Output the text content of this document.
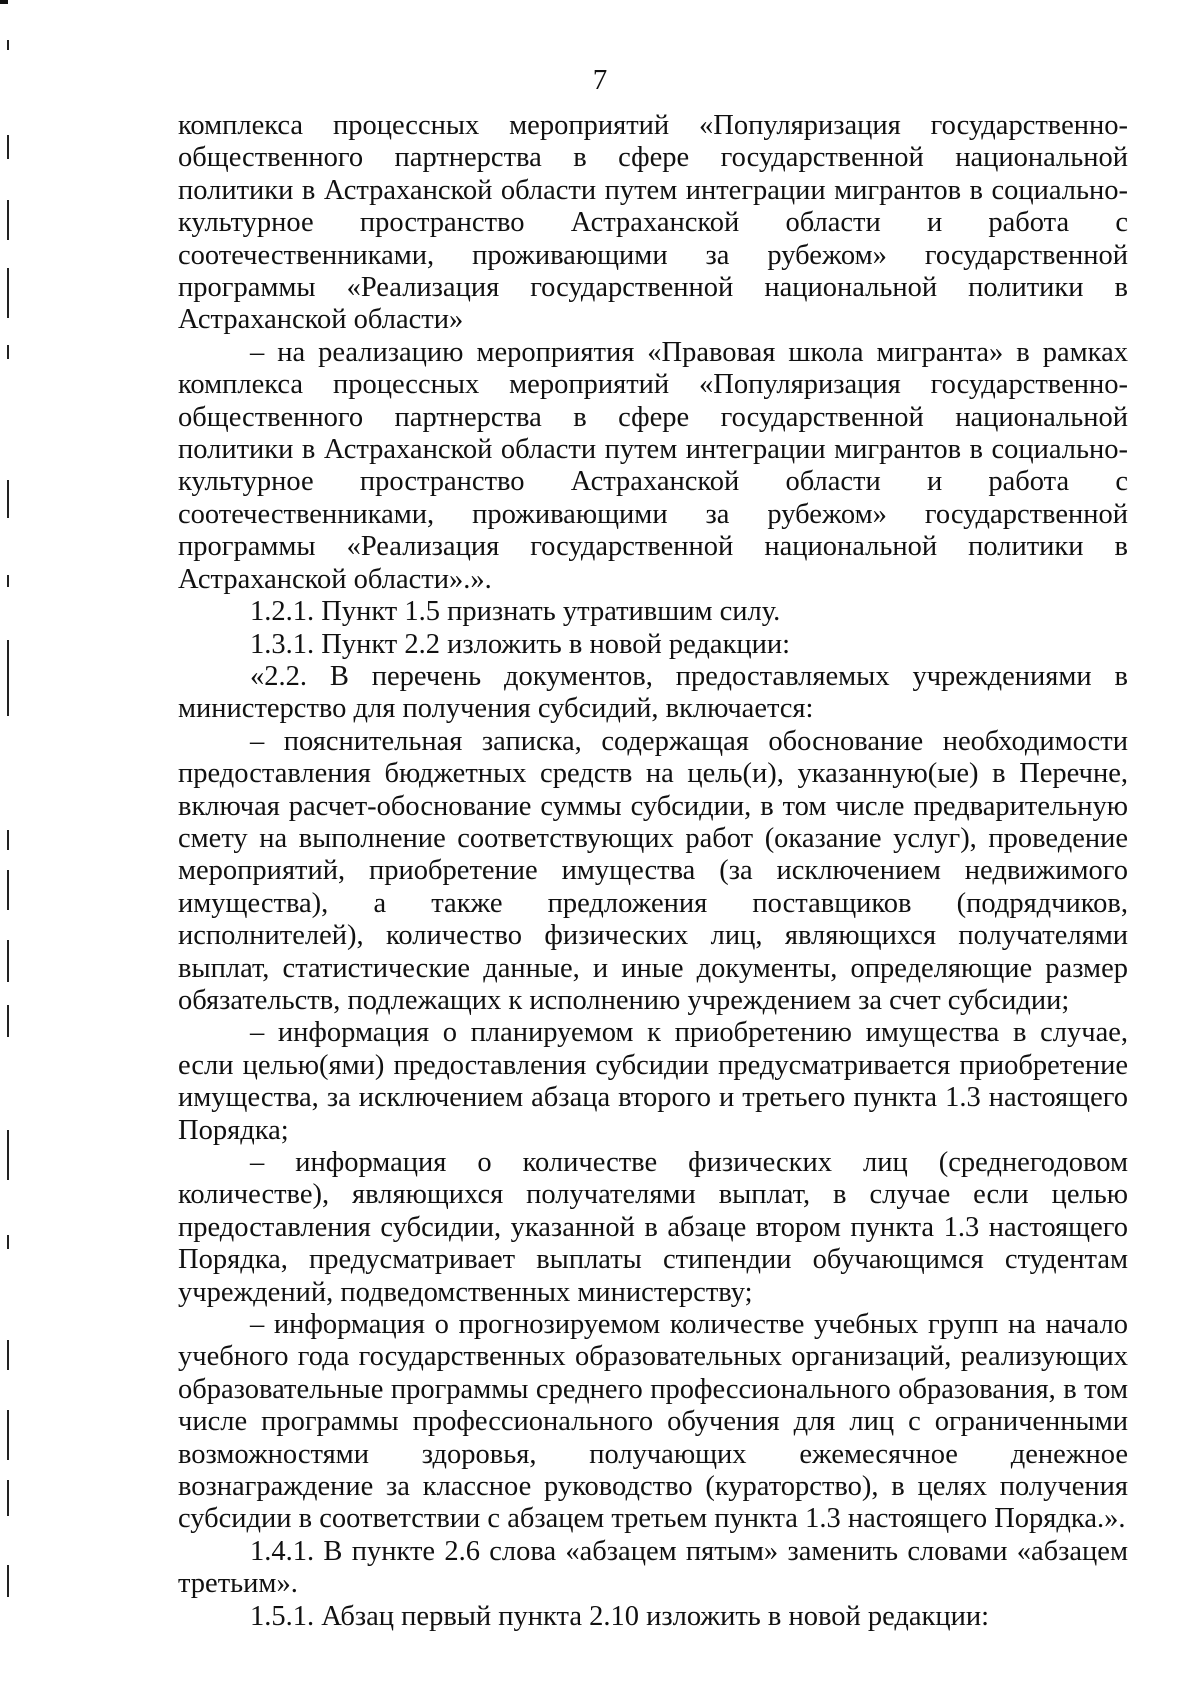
7

комплекса процессных мероприятий «Популяризация государственно-общественного партнерства в сфере государственной национальной политики в Астраханской области путем интеграции мигрантов в социально-культурное пространство Астраханской области и работа с соотечественниками, проживающими за рубежом» государственной программы «Реализация государственной национальной политики в Астраханской области»

– на реализацию мероприятия «Правовая школа мигранта» в рамках комплекса процессных мероприятий «Популяризация государственно-общественного партнерства в сфере государственной национальной политики в Астраханской области путем интеграции мигрантов в социально-культурное пространство Астраханской области и работа с соотечественниками, проживающими за рубежом» государственной программы «Реализация государственной национальной политики в Астраханской области».».

1.2.1. Пункт 1.5 признать утратившим силу.

1.3.1. Пункт 2.2 изложить в новой редакции:

«2.2. В перечень документов, предоставляемых учреждениями в министерство для получения субсидий, включается:

– пояснительная записка, содержащая обоснование необходимости предоставления бюджетных средств на цель(и), указанную(ые) в Перечне, включая расчет-обоснование суммы субсидии, в том числе предварительную смету на выполнение соответствующих работ (оказание услуг), проведение мероприятий, приобретение имущества (за исключением недвижимого имущества), а также предложения поставщиков (подрядчиков, исполнителей), количество физических лиц, являющихся получателями выплат, статистические данные, и иные документы, определяющие размер обязательств, подлежащих к исполнению учреждением за счет субсидии;

– информация о планируемом к приобретению имущества в случае, если целью(ями) предоставления субсидии предусматривается приобретение имущества, за исключением абзаца второго и третьего пункта 1.3 настоящего Порядка;

– информация о количестве физических лиц (среднегодовом количестве), являющихся получателями выплат, в случае если целью предоставления субсидии, указанной в абзаце втором пункта 1.3 настоящего Порядка, предусматривает выплаты стипендии обучающимся студентам учреждений, подведомственных министерству;

– информация о прогнозируемом количестве учебных групп на начало учебного года государственных образовательных организаций, реализующих образовательные программы среднего профессионального образования, в том числе программы профессионального обучения для лиц с ограниченными возможностями здоровья, получающих ежемесячное денежное вознаграждение за классное руководство (кураторство), в целях получения субсидии в соответствии с абзацем третьем пункта 1.3 настоящего Порядка.».

1.4.1. В пункте 2.6 слова «абзацем пятым» заменить словами «абзацем третьим».

1.5.1. Абзац первый пункта 2.10 изложить в новой редакции:
